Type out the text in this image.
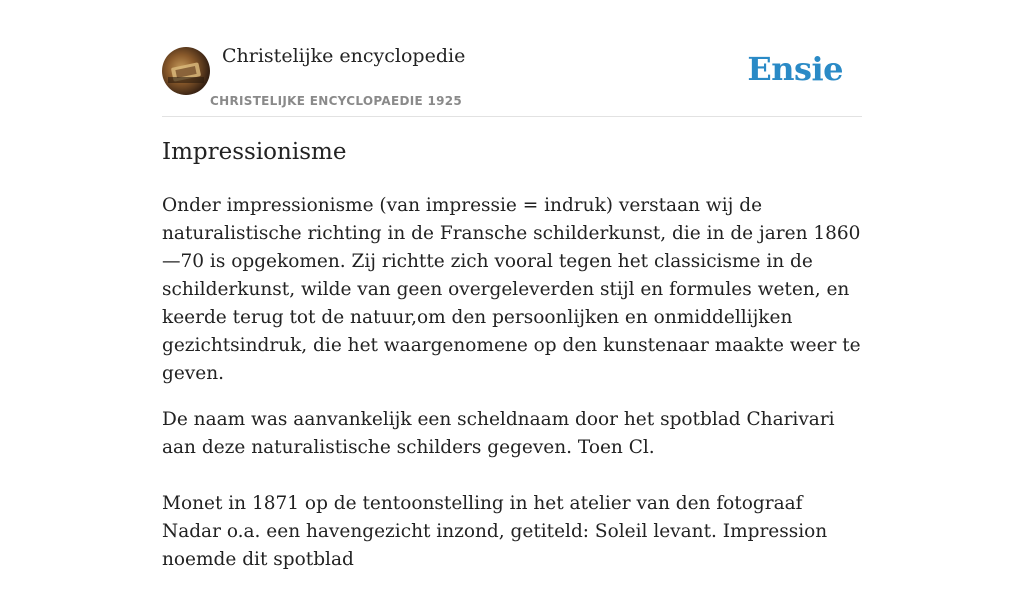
Christelijke encyclopedie
CHRISTELIJKE ENCYCLOPAEDIE 1925
Ensie
Impressionisme

Onder impressionisme (van impressie = indruk) verstaan wij de naturalistische richting in de Fransche schilderkunst, die in de jaren 1860—70 is opgekomen. Zij richtte zich vooral tegen het classicisme in de schilderkunst, wilde van geen overgeleverden stijl en formules weten, en keerde terug tot de natuur,om den persoonlijken en onmiddellijken gezichtsindruk, die het waargenomene op den kunstenaar maakte weer te geven.

De naam was aanvankelijk een scheldnaam door het spotblad Charivari aan deze naturalistische schilders gegeven. Toen Cl.

Monet in 1871 op de tentoonstelling in het atelier van den fotograaf Nadar o.a. een havengezicht inzond, getiteld: Soleil levant. Impression noemde dit spotblad
